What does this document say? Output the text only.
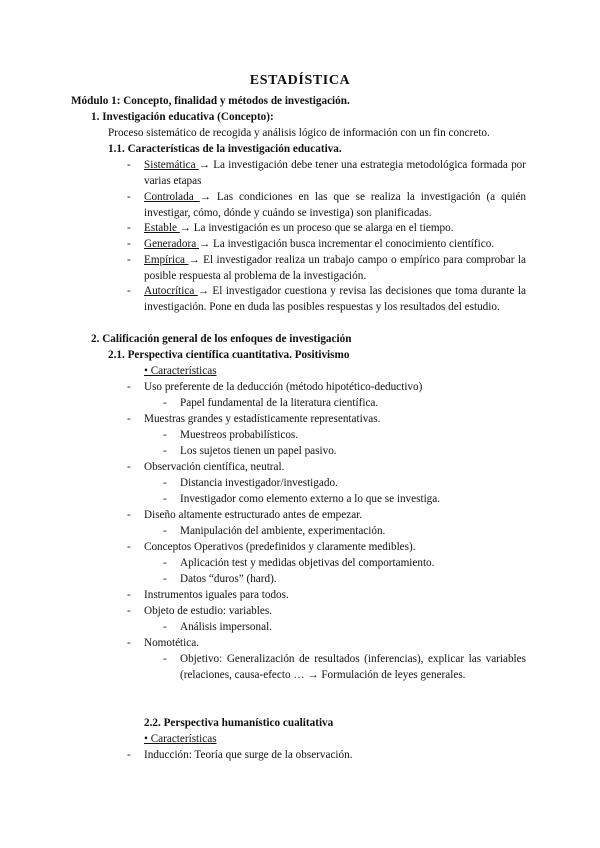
ESTADÍSTICA
Módulo 1: Concepto, finalidad y métodos de investigación.
1. Investigación educativa (Concepto):
Proceso sistemático de recogida y análisis lógico de información con un fin concreto.
1.1. Características de la investigación educativa.
- Sistemática → La investigación debe tener una estrategia metodológica formada por varias etapas
- Controlada → Las condiciones en las que se realiza la investigación (a quién investigar, cómo, dónde y cuándo se investiga) son planificadas.
- Estable → La investigación es un proceso que se alarga en el tiempo.
- Generadora → La investigación busca incrementar el conocimiento científico.
- Empírica → El investigador realiza un trabajo campo o empírico para comprobar la posible respuesta al problema de la investigación.
- Autocrítica → El investigador cuestiona y revisa las decisiones que toma durante la investigación. Pone en duda las posibles respuestas y los resultados del estudio.
2. Calificación general de los enfoques de investigación
2.1. Perspectiva científica cuantitativa. Positivismo
• Características
- Uso preferente de la deducción (método hipotético-deductivo)
- Papel fundamental de la literatura científica.
- Muestras grandes y estadísticamente representativas.
- Muestreos probabilísticos.
- Los sujetos tienen un papel pasivo.
- Observación científica, neutral.
- Distancia investigador/investigado.
- Investigador como elemento externo a lo que se investiga.
- Diseño altamente estructurado antes de empezar.
- Manipulación del ambiente, experimentación.
- Conceptos Operativos (predefinidos y claramente medibles).
- Aplicación test y medidas objetivas del comportamiento.
- Datos “duros” (hard).
- Instrumentos iguales para todos.
- Objeto de estudio: variables.
- Análisis impersonal.
- Nomotética.
- Objetivo: Generalización de resultados (inferencias), explicar las variables (relaciones, causa-efecto … → Formulación de leyes generales.
2.2. Perspectiva humanístico cualitativa
• Características
- Inducción: Teoría que surge de la observación.
